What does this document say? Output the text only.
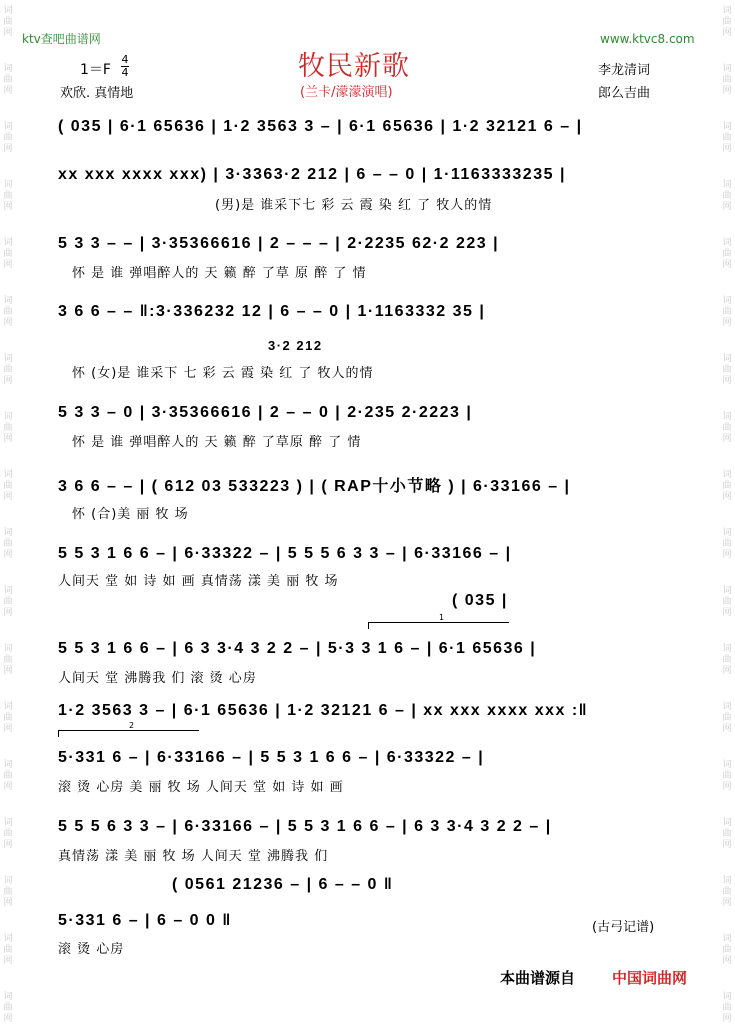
词
曲
网
词
曲
网
词
曲
网
词
曲
网
词
曲
网
词
曲
网
词
曲
网
词
曲
网
词
曲
网
词
曲
网
词
曲
网
词
曲
网
词
曲
网
词
曲
网
词
曲
网
词
曲
网
词
曲
网
词
曲
网
词
曲
网
词
曲
网
词
曲
网
词
曲
网
词
曲
网
词
曲
网
词
曲
网
词
曲
网
词
曲
网
词
曲
网
词
曲
网
词
曲
网
词
曲
网
词
曲
网
词
曲
网
词
曲
网
词
曲
网
词
曲
网
ktv查吧曲谱网	www.ktvc8.com
牧民新歌
(兰卡/濛濛演唱)
1＝F
4
4
欢欣. 真情地
李龙清词
郎么吉曲
( 035 | 6·1 65636 | 1·2 3563 3 – | 6·1 65636 | 1·2 32121 6 – |
xx xxx xxxx xxx) | 3·3363·2 212 | 6 – – 0 | 1·1163333235 |
(男)是 谁采下七 彩 云 霞 染 红 了 牧人的情
5 3 3 – – | 3·35366616 | 2 – – – | 2·2235 62·2 223 |
怀 是 谁 弹唱醉人的 天 籁 醉 了草 原 醉 了 情
3 6 6 – – ‖:3·336232 12 | 6 – – 0 | 1·1163332 35 |
3·2 212
怀 (女)是 谁采下 七 彩 云 霞 染 红 了 牧人的情
5 3 3 – 0 | 3·35366616 | 2 – – 0 | 2·235 2·2223 |
怀 是 谁 弹唱醉人的 天 籁 醉 了草原 醉 了 情
3 6 6 – – | ( 612 03 533223 ) | ( RAP十小节略 ) | 6·33166 – |
怀 (合)美 丽 牧 场
5 5 3 1 6 6 – | 6·33322 – | 5 5 5 6 3 3 – | 6·33166 – |
人间天 堂 如 诗 如 画 真情荡 漾 美 丽 牧 场
( 035 |
1
5 5 3 1 6 6 – | 6 3 3·4 3 2 2 – | 5·3 3 1 6 – | 6·1 65636 |
人间天 堂 沸腾我 们 滚 烫 心房
1·2 3563 3 – | 6·1 65636 | 1·2 32121 6 – | xx xxx xxxx xxx :‖
2
5·331 6 – | 6·33166 – | 5 5 3 1 6 6 – | 6·33322 – |
滚 烫 心房 美 丽 牧 场 人间天 堂 如 诗 如 画
5 5 5 6 3 3 – | 6·33166 – | 5 5 3 1 6 6 – | 6 3 3·4 3 2 2 – |
真情荡 漾 美 丽 牧 场 人间天 堂 沸腾我 们
( 0561 21236 – | 6 – – 0 ‖
5·331 6 – | 6 – 0 0 ‖
滚 烫 心房
(古弓记谱)
本曲谱源自 中国词曲网
